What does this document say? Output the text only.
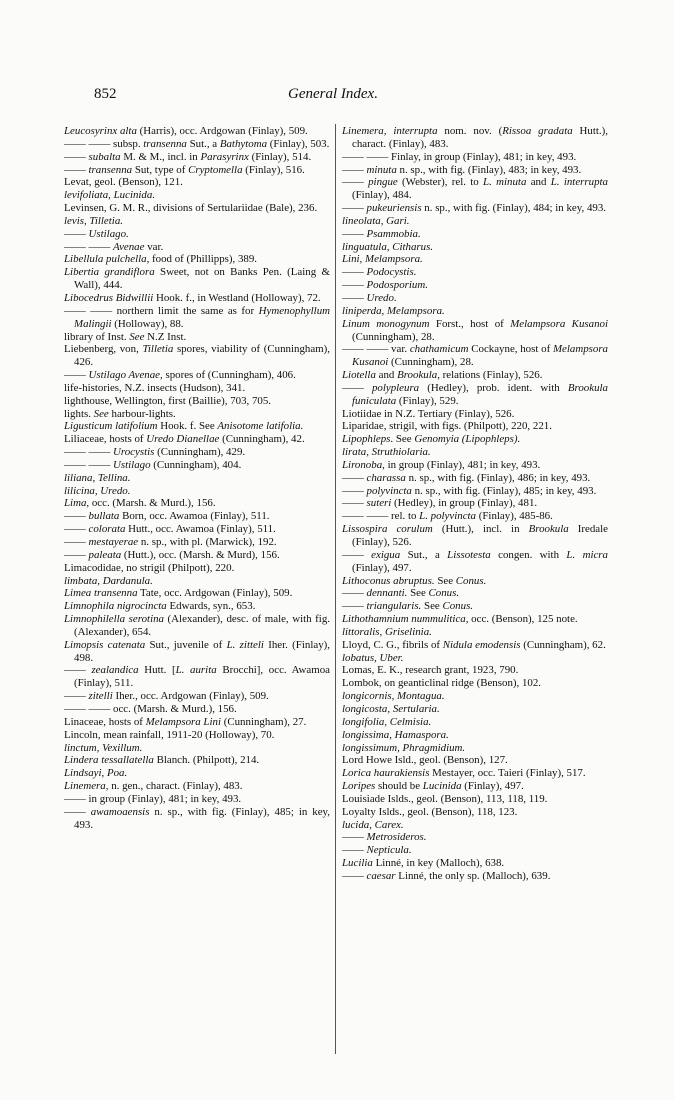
852	General Index.

Leucosyrinx alta (Harris), occ. Ardgowan (Finlay), 509.

—— —— subsp. transenna Sut., a Bathytoma (Finlay), 503.

—— subalta M. & M., incl. in Parasyrinx (Finlay), 514.

—— transenna Sut, type of Cryptomella (Finlay), 516.

Levat, geol. (Benson), 121.

levifoliata, Lucinida.

Levinsen, G. M. R., divisions of Sertulariidae (Bale), 236.

levis, Tilletia.

—— Ustilago.

—— —— Avenae var.

Libellula pulchella, food of (Phillipps), 389.

Libertia grandiflora Sweet, not on Banks Pen. (Laing & Wall), 444.

Libocedrus Bidwillii Hook. f., in Westland (Holloway), 72.

—— —— northern limit the same as for Hymenophyllum Malingii (Holloway), 88.

library of Inst. See N.Z Inst.

Liebenberg, von, Tilletia spores, viability of (Cunningham), 426.

—— Ustilago Avenae, spores of (Cunningham), 406.

life-histories, N.Z. insects (Hudson), 341.

lighthouse, Wellington, first (Baillie), 703, 705.

lights. See harbour-lights.

Ligusticum latifolium Hook. f. See Anisotome latifolia.

Liliaceae, hosts of Uredo Dianellae (Cunningham), 42.

—— —— Urocystis (Cunningham), 429.

—— —— Ustilago (Cunningham), 404.

liliana, Tellina.

lilicina, Uredo.

Lima, occ. (Marsh. & Murd.), 156.

—— bullata Born, occ. Awamoa (Finlay), 511.

—— colorata Hutt., occ. Awamoa (Finlay), 511.

—— mestayerae n. sp., with pl. (Marwick), 192.

—— paleata (Hutt.), occ. (Marsh. & Murd), 156.

Limacodidae, no strigil (Philpott), 220.

limbata, Dardanula.

Limea transenna Tate, occ. Ardgowan (Finlay), 509.

Limnophila nigrocincta Edwards, syn., 653.

Limnophilella serotina (Alexander), desc. of male, with fig. (Alexander), 654.

Limopsis catenata Sut., juvenile of L. zitteli Iher. (Finlay), 498.

—— zealandica Hutt. [L. aurita Brocchi], occ. Awamoa (Finlay), 511.

—— zitelli Iher., occ. Ardgowan (Finlay), 509.

—— —— occ. (Marsh. & Murd.), 156.

Linaceae, hosts of Melampsora Lini (Cunningham), 27.

Lincoln, mean rainfall, 1911-20 (Holloway), 70.

linctum, Vexillum.

Lindera tessallatella Blanch. (Philpott), 214.

Lindsayi, Poa.

Linemera, n. gen., charact. (Finlay), 483.

—— in group (Finlay), 481; in key, 493.

—— awamoaensis n. sp., with fig. (Finlay), 485; in key, 493.

Linemera, interrupta nom. nov. (Rissoa gradata Hutt.), charact. (Finlay), 483.

—— —— Finlay, in group (Finlay), 481; in key, 493.

—— minuta n. sp., with fig. (Finlay), 483; in key, 493.

—— pingue (Webster), rel. to L. minuta and L. interrupta (Finlay), 484.

—— pukeuriensis n. sp., with fig. (Finlay), 484; in key, 493.

lineolata, Gari.

—— Psammobia.

linguatula, Citharus.

Lini, Melampsora.

—— Podocystis.

—— Podosporium.

—— Uredo.

liniperda, Melampsora.

Linum monogynum Forst., host of Melampsora Kusanoi (Cunningham), 28.

—— —— var. chathamicum Cockayne, host of Melampsora Kusanoi (Cunningham), 28.

Liotella and Brookula, relations (Finlay), 526.

—— polypleura (Hedley), prob. ident. with Brookula funiculata (Finlay), 529.

Liotiidae in N.Z. Tertiary (Finlay), 526.

Liparidae, strigil, with figs. (Philpott), 220, 221.

Lipophleps. See Genomyia (Lipophleps).

lirata, Struthiolaria.

Lironoba, in group (Finlay), 481; in key, 493.

—— charassa n. sp., with fig. (Finlay), 486; in key, 493.

—— polyvincta n. sp., with fig. (Finlay), 485; in key, 493.

—— suteri (Hedley), in group (Finlay), 481.

—— —— rel. to L. polyvincta (Finlay), 485-86.

Lissospira corulum (Hutt.), incl. in Brookula Iredale (Finlay), 526.

—— exigua Sut., a Lissotesta congen. with L. micra (Finlay), 497.

Lithoconus abruptus. See Conus.

—— dennanti. See Conus.

—— triangularis. See Conus.

Lithothamnium nummulitica, occ. (Benson), 125 note.

littoralis, Griselinia.

Lloyd, C. G., fibrils of Nidula emodensis (Cunningham), 62.

lobatus, Uber.

Lomas, E. K., research grant, 1923, 790.

Lombok, on geanticlinal ridge (Benson), 102.

longicornis, Montagua.

longicosta, Sertularia.

longifolia, Celmisia.

longissima, Hamaspora.

longissimum, Phragmidium.

Lord Howe Isld., geol. (Benson), 127.

Lorica haurakiensis Mestayer, occ. Taieri (Finlay), 517.

Loripes should be Lucinida (Finlay), 497.

Louisiade Islds., geol. (Benson), 113, 118, 119.

Loyalty Islds., geol. (Benson), 118, 123.

lucida, Carex.

—— Metrosideros.

—— Nepticula.

Lucilia Linné, in key (Malloch), 638.

—— caesar Linné, the only sp. (Malloch), 639.
